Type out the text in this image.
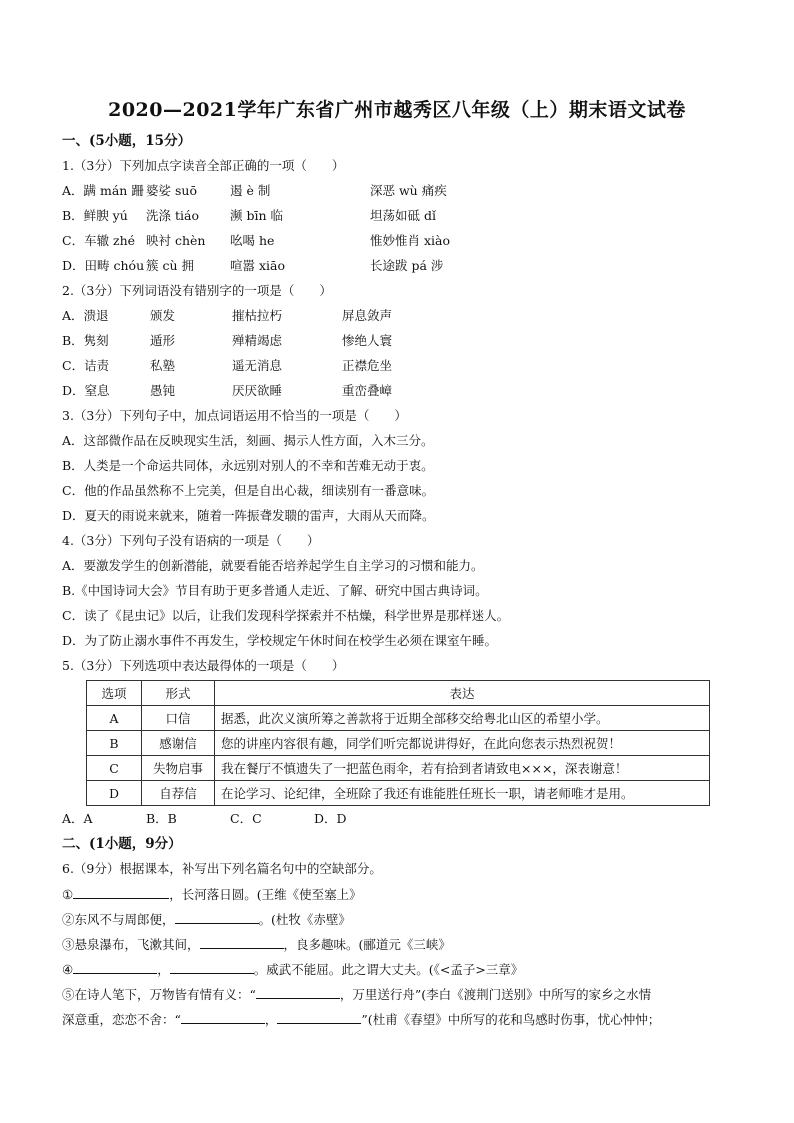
2020—2021学年广东省广州市越秀区八年级（上）期末语文试卷
一、(5小题，15分）
1.（3分）下列加点字读音全部正确的一项（　　）
A．蹒 mán 跚 婆娑 suō	遏 è 制	深恶 wù 痛疾
B．鲜腴 yú 洗涤 tiáo 濒 bīn 临	坦荡如砥 dǐ
C．车辙 zhé 映衬 chèn 吆喝 he	惟妙惟肖 xiào
D．田畴 chóu 簇 cù 拥	喧嚣 xiāo	长途跋 pá 涉
2.（3分）下列词语没有错别字的一项是（　　）
A．溃退	颁发	摧枯拉朽	屏息敛声
B．隽刻	遁形	殚精竭虑	惨绝人寰
C．诘责	私塾	遥无消息	正襟危坐
D．窒息	愚钝	厌厌欲睡	重峦叠嶂
3.（3分）下列句子中，加点词语运用不恰当的一项是（　　）
A．这部微作品在反映现实生活，刻画、揭示人性方面，入木三分。
B．人类是一个命运共同体，永远别对别人的不幸和苦难无动于衷。
C．他的作品虽然称不上完美，但是自出心裁，细读别有一番意味。
D．夏天的雨说来就来，随着一阵振聋发聩的雷声，大雨从天而降。
4.（3分）下列句子没有语病的一项是（　　）
A．要激发学生的创新潜能，就要看能否培养起学生自主学习的习惯和能力。
B.《中国诗词大会》节目有助于更多普通人走近、了解、研究中国古典诗词。
C．读了《昆虫记》以后，让我们发现科学探索并不枯燥，科学世界是那样迷人。
D．为了防止溺水事件不再发生，学校规定午休时间在校学生必须在课室午睡。
5.（3分）下列选项中表达最得体的一项是（　　）
选项	形式	表达
A	口信	据悉，此次义演所筹之善款将于近期全部移交给粤北山区的希望小学。
B	感谢信	您的讲座内容很有趣，同学们听完都说讲得好，在此向您表示热烈祝贺！
C	失物启事	我在餐厅不慎遗失了一把蓝色雨伞，若有拾到者请致电×××，深表谢意！
D	自荐信	在论学习、论纪律，全班除了我还有谁能胜任班长一职，请老师唯才是用。
A．A	B．B	C．C	D．D
二、(1小题，9分）
6.（9分）根据课本，补写出下列名篇名句中的空缺部分。
①	，长河落日圆。(王维《使至塞上》
②东风不与周郎便，	。(杜牧《赤壁》
③悬泉瀑布，飞漱其间，	，良多趣味。(郦道元《三峡》
④	，	。威武不能屈。此之谓大丈夫。(《<孟子>三章》
⑤在诗人笔下，万物皆有情有义：“	，万里送行舟”(李白《渡荆门送别》中所写的家乡之水情
深意重，恋恋不舍：“	，	”(杜甫《春望》中所写的花和鸟感时伤事，忧心忡忡；
